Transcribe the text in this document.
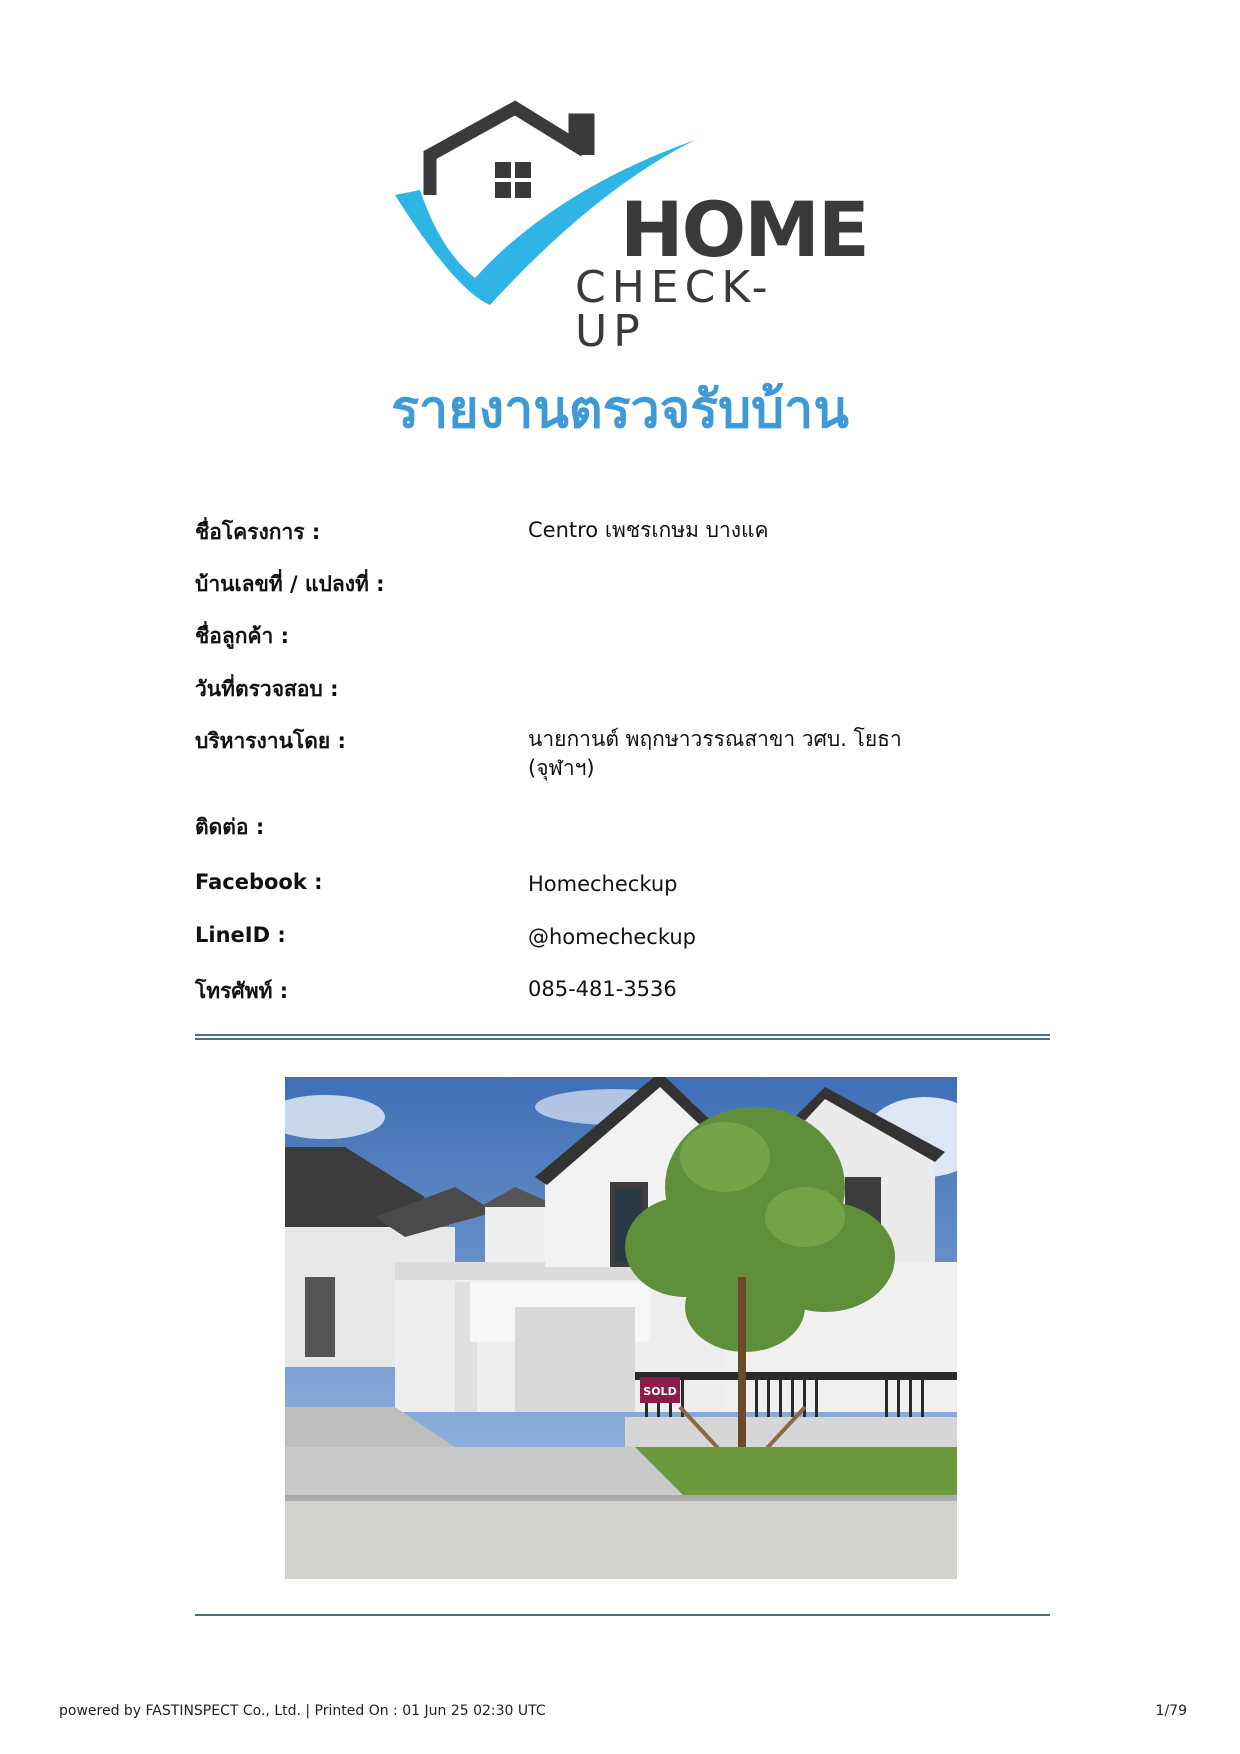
HOME
CHECK-UP
รายงานตรวจรับบ้าน
ชื่อโครงการ :	Centro เพชรเกษม บางแค
บ้านเลขที่ / แปลงที่ :
ชื่อลูกค้า :
วันที่ตรวจสอบ :
บริหารงานโดย :	นายกานต์ พฤกษาวรรณสาขา วศบ. โยธา (จุฬาฯ)
ติดต่อ :
Facebook :	Homecheckup
LineID :	@homecheckup
โทรศัพท์ :	085-481-3536
SOLD
powered by FASTINSPECT Co., Ltd. | Printed On : 01 Jun 25 02:30 UTC	1/79
